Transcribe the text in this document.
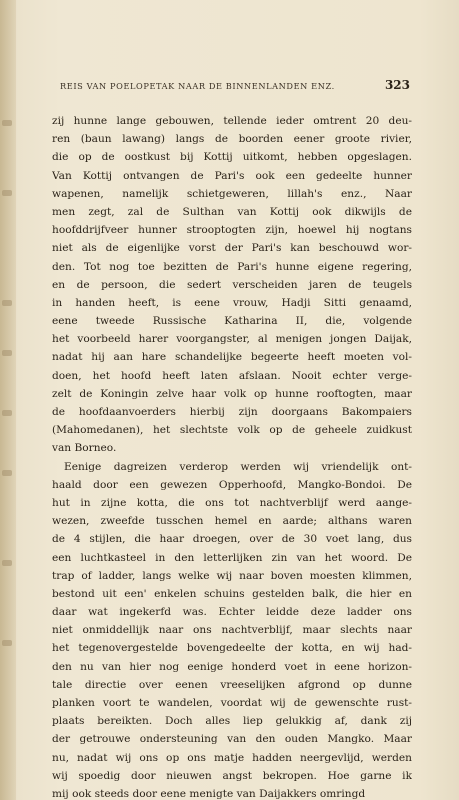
REIS VAN POELOPETAK NAAR DE BINNENLANDEN ENZ.	323
zij hunne lange gebouwen, tellende ieder omtrent 20 deu-
ren (baun lawang) langs de boorden eener groote rivier,
die op de oostkust bij Kottij uitkomt, hebben opgeslagen.
Van Kottij ontvangen de Pari's ook een gedeelte hunner
wapenen, namelijk schietgeweren, lillah's enz., Naar
men zegt, zal de Sulthan van Kottij ook dikwijls de
hoofddrijfveer hunner strooptogten zijn, hoewel hij nogtans
niet als de eigenlijke vorst der Pari's kan beschouwd wor-
den. Tot nog toe bezitten de Pari's hunne eigene regering,
en de persoon, die sedert verscheiden jaren de teugels
in handen heeft, is eene vrouw, Hadji Sitti genaamd,
eene tweede Russische Katharina II, die, volgende
het voorbeeld harer voorgangster, al menigen jongen Daijak,
nadat hij aan hare schandelijke begeerte heeft moeten vol-
doen, het hoofd heeft laten afslaan. Nooit echter verge-
zelt de Koningin zelve haar volk op hunne rooftogten, maar
de hoofdaanvoerders hierbij zijn doorgaans Bakompaiers
(Mahomedanen), het slechtste volk op de geheele zuidkust
van Borneo.
Eenige dagreizen verderop werden wij vriendelijk ont-
haald door een gewezen Opperhoofd, Mangko-Bondoi. De
hut in zijne kotta, die ons tot nachtverblijf werd aange-
wezen, zweefde tusschen hemel en aarde; althans waren
de 4 stijlen, die haar droegen, over de 30 voet lang, dus
een luchtkasteel in den letterlijken zin van het woord. De
trap of ladder, langs welke wij naar boven moesten klimmen,
bestond uit een' enkelen schuins gestelden balk, die hier en
daar wat ingekerfd was. Echter leidde deze ladder ons
niet onmiddellijk naar ons nachtverblijf, maar slechts naar
het tegenovergestelde bovengedeelte der kotta, en wij had-
den nu van hier nog eenige honderd voet in eene horizon-
tale directie over eenen vreeselijken afgrond op dunne
planken voort te wandelen, voordat wij de gewenschte rust-
plaats bereikten. Doch alles liep gelukkig af, dank zij
der getrouwe ondersteuning van den ouden Mangko. Maar
nu, nadat wij ons op ons matje hadden neergevlijd, werden
wij spoedig door nieuwen angst bekropen. Hoe garne ik
mij ook steeds door eene menigte van Daijakkers omringd
